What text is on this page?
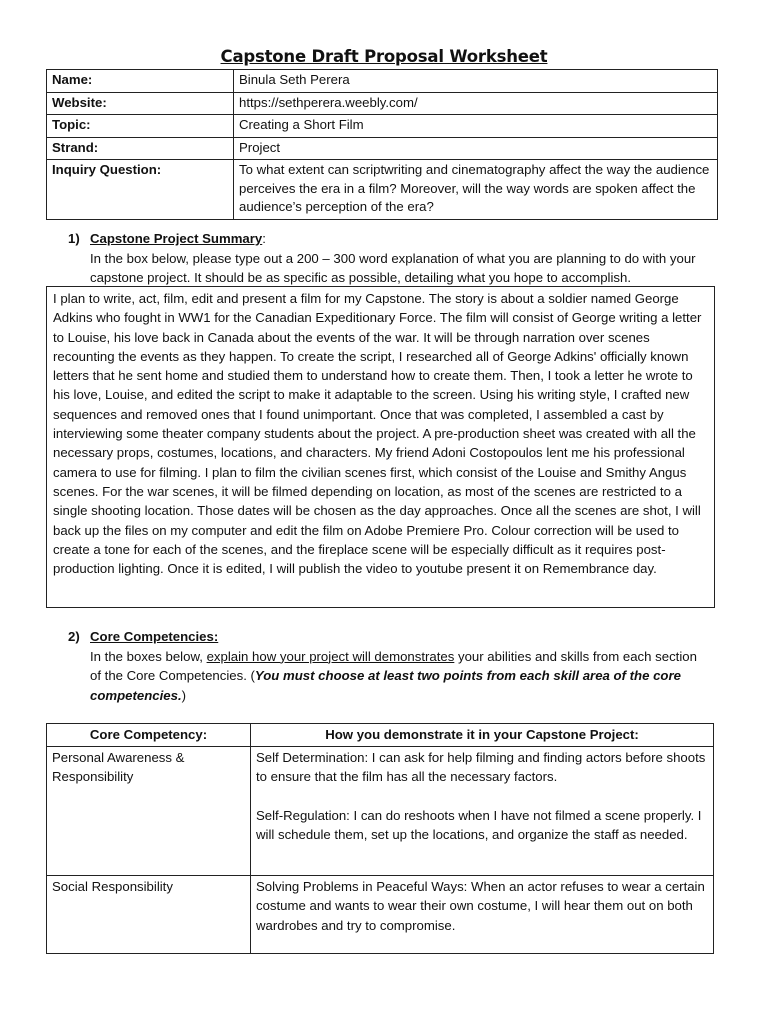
Capstone Draft Proposal Worksheet
Name:	Binula Seth Perera
Website:	https://sethperera.weebly.com/
Topic:	Creating a Short Film
Strand:	Project
Inquiry Question:	To what extent can scriptwriting and cinematography affect the way the audience perceives the era in a film? Moreover, will the way words are spoken affect the audience’s perception of the era?
1) Capstone Project Summary:
In the box below, please type out a 200 – 300 word explanation of what you are planning to do with your capstone project. It should be as specific as possible, detailing what you hope to accomplish.
I plan to write, act, film, edit and present a film for my Capstone. The story is about a soldier named George Adkins who fought in WW1 for the Canadian Expeditionary Force. The film will consist of George writing a letter to Louise, his love back in Canada about the events of the war. It will be through narration over scenes recounting the events as they happen. To create the script, I researched all of George Adkins' officially known letters that he sent home and studied them to understand how to create them. Then, I took a letter he wrote to his love, Louise, and edited the script to make it adaptable to the screen. Using his writing style, I crafted new sequences and removed ones that I found unimportant. Once that was completed, I assembled a cast by interviewing some theater company students about the project. A pre-production sheet was created with all the necessary props, costumes, locations, and characters. My friend Adoni Costopoulos lent me his professional camera to use for filming. I plan to film the civilian scenes first, which consist of the Louise and Smithy Angus scenes. For the war scenes, it will be filmed depending on location, as most of the scenes are restricted to a single shooting location. Those dates will be chosen as the day approaches. Once all the scenes are shot, I will back up the files on my computer and edit the film on Adobe Premiere Pro. Colour correction will be used to create a tone for each of the scenes, and the fireplace scene will be especially difficult as it requires post-production lighting. Once it is edited, I will publish the video to youtube present it on Remembrance day.
2) Core Competencies:
In the boxes below, explain how your project will demonstrates your abilities and skills from each section of the Core Competencies. (You must choose at least two points from each skill area of the core competencies.)
Core Competency:	How you demonstrate it in your Capstone Project:
Personal Awareness & Responsibility	Self Determination: I can ask for help filming and finding actors before shoots to ensure that the film has all the necessary factors.
Self-Regulation: I can do reshoots when I have not filmed a scene properly. I will schedule them, set up the locations, and organize the staff as needed.

Social Responsibility	Solving Problems in Peaceful Ways: When an actor refuses to wear a certain costume and wants to wear their own costume, I will hear them out on both wardrobes and try to compromise.
